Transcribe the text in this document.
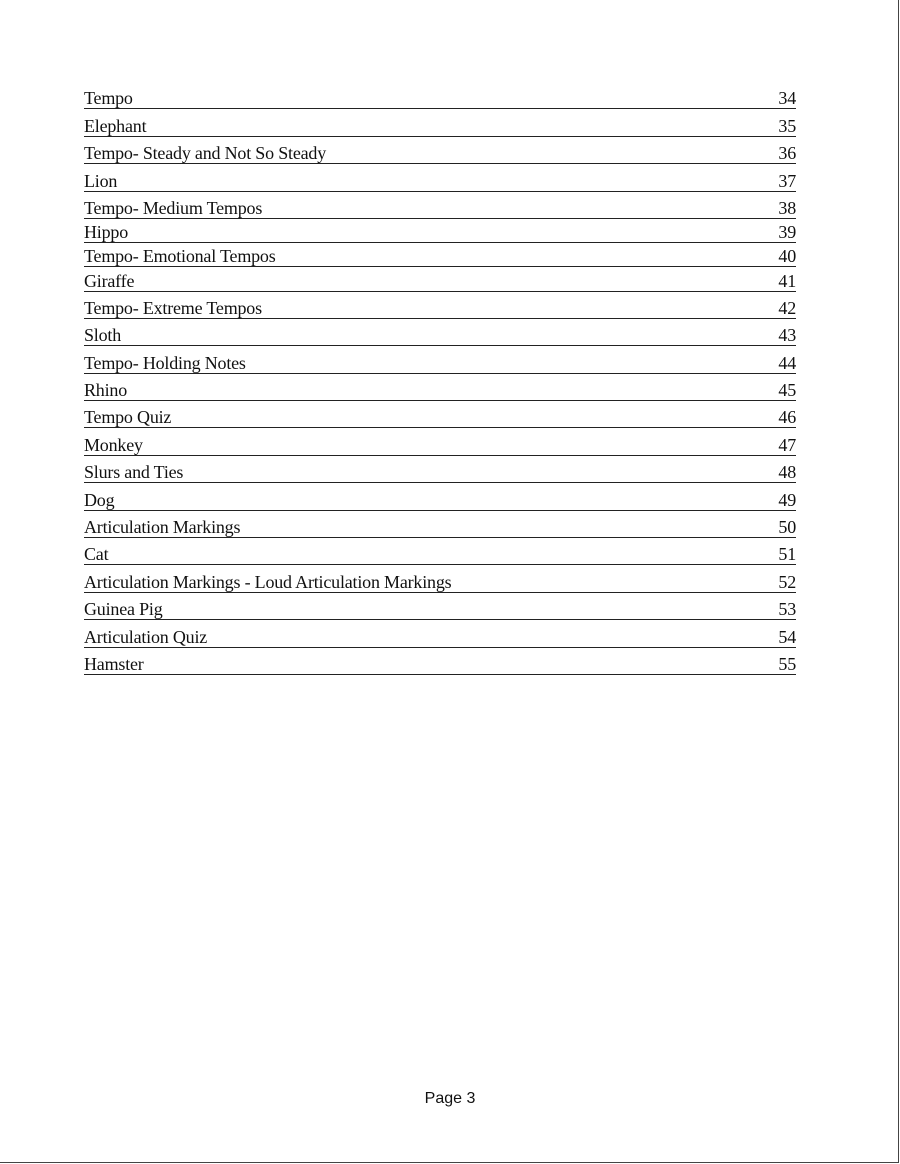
Tempo	34
Elephant	35
Tempo- Steady and Not So Steady	36
Lion	37
Tempo- Medium Tempos	38
Hippo	39
Tempo- Emotional Tempos	40
Giraffe	41
Tempo- Extreme Tempos	42
Sloth	43
Tempo- Holding Notes	44
Rhino	45
Tempo Quiz	46
Monkey	47
Slurs and Ties	48
Dog	49
Articulation Markings	50
Cat	51
Articulation Markings - Loud Articulation Markings	52
Guinea Pig	53
Articulation Quiz	54
Hamster	55
Page 3
